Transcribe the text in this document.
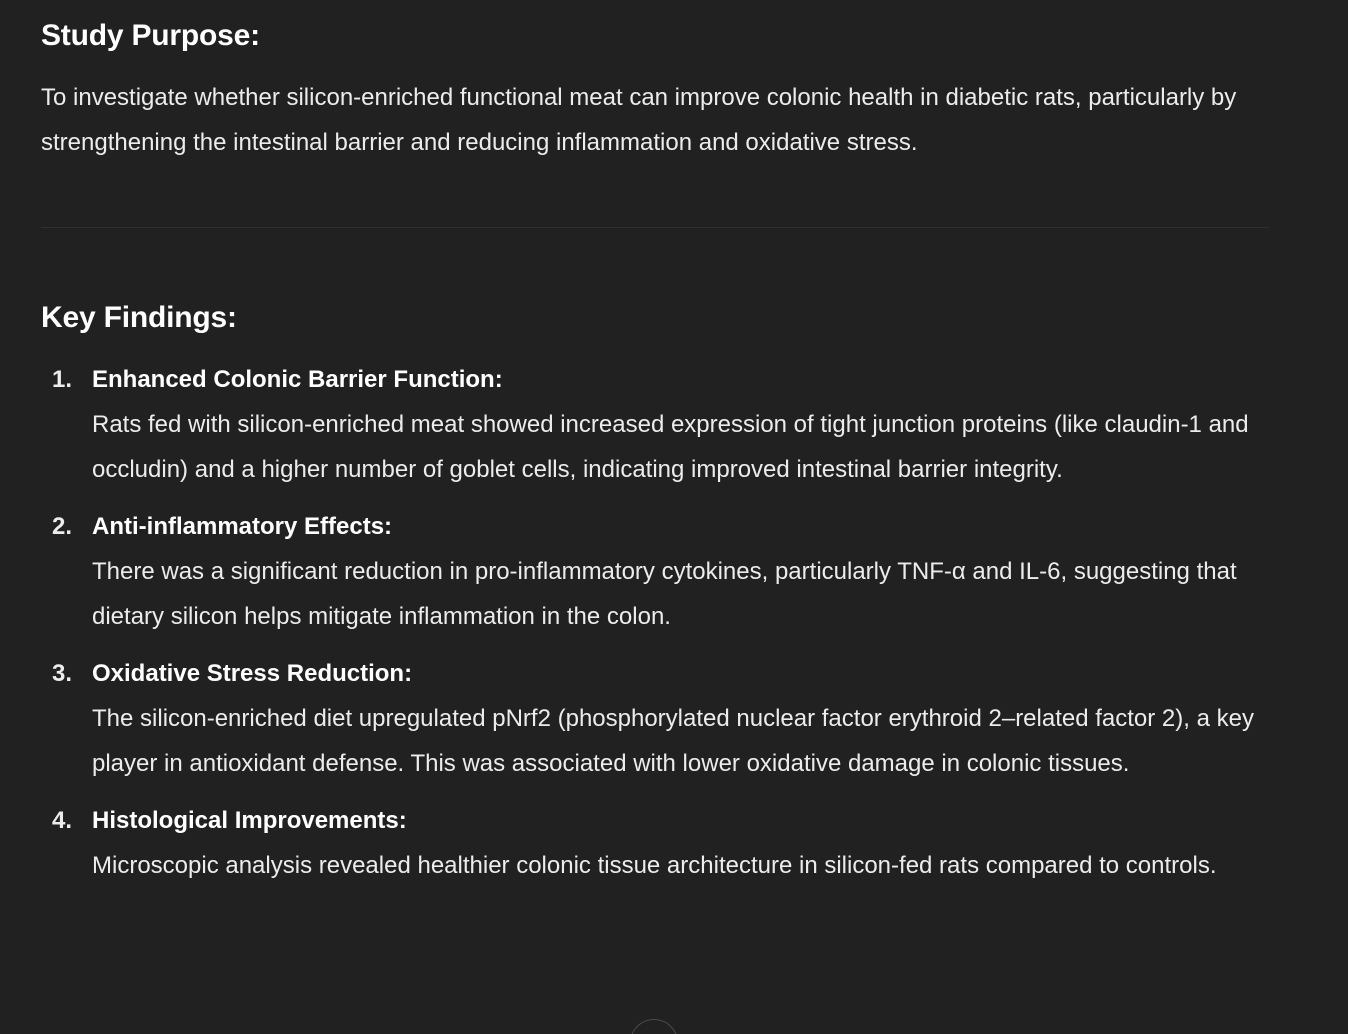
Study Purpose:

To investigate whether silicon-enriched functional meat can improve colonic health in diabetic rats, particularly by strengthening the intestinal barrier and reducing inflammation and oxidative stress.

Key Findings:
1. Enhanced Colonic Barrier Function:
Rats fed with silicon-enriched meat showed increased expression of tight junction proteins (like claudin-1 and occludin) and a higher number of goblet cells, indicating improved intestinal barrier integrity.
2. Anti-inflammatory Effects:
There was a significant reduction in pro-inflammatory cytokines, particularly TNF-α and IL-6, suggesting that dietary silicon helps mitigate inflammation in the colon.
3. Oxidative Stress Reduction:
The silicon-enriched diet upregulated pNrf2 (phosphorylated nuclear factor erythroid 2–related factor 2), a key player in antioxidant defense. This was associated with lower oxidative damage in colonic tissues.
4. Histological Improvements:
Microscopic analysis revealed healthier colonic tissue architecture in silicon-fed rats compared to controls.
